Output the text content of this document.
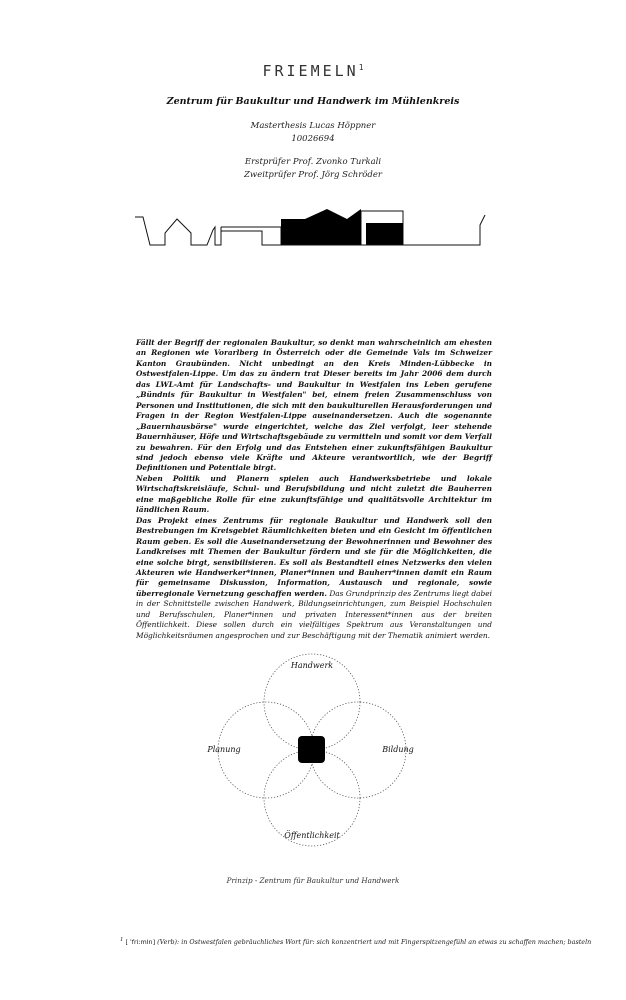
FRIEMELN$^1$
Zentrum für Baukultur und Handwerk im Mühlenkreis
Masterthesis Lucas Höppner
10026694
Erstprüfer Prof. Zvonko Turkali
Zweitprüfer Prof. Jörg Schröder

Fällt der Begriff der regionalen Baukultur, so denkt man wahrscheinlich am ehesten an Regionen wie Vorarlberg in Österreich oder die Gemeinde Vals im Schweizer Kanton Graubünden. Nicht unbedingt an den Kreis Minden-Lübbecke in Ostwestfalen-Lippe. Um das zu ändern trat Dieser bereits im Jahr 2006 dem durch das LWL-Amt für Landschafts- und Baukultur in Westfalen ins Leben gerufene „Bündnis für Baukultur in Westfalen" bei, einem freien Zusammenschluss von Personen und Institutionen, die sich mit den baukulturellen Herausforderungen und Fragen in der Region Westfalen-Lippe auseinandersetzen. Auch die sogenannte „Bauernhausbörse" wurde eingerichtet, welche das Ziel verfolgt, leer stehende Bauernhäuser, Höfe und Wirtschaftsgebäude zu vermitteln und somit vor dem Verfall zu bewahren. Für den Erfolg und das Entstehen einer zukunftsfähigen Baukultur sind jedoch ebenso viele Kräfte und Akteure verantwortlich, wie der Begriff Definitionen und Potentiale birgt.

Neben Politik und Planern spielen auch Handwerksbetriebe und lokale Wirtschaftskreisläufe, Schul- und Berufsbildung und nicht zuletzt die Bauherren eine maßgebliche Rolle für eine zukunftsfähige und qualitätsvolle Architektur im ländlichen Raum.

Das Projekt eines Zentrums für regionale Baukultur und Handwerk soll den Bestrebungen im Kreisgebiet Räumlichkeiten bieten und ein Gesicht im öffentlichen Raum geben. Es soll die Auseinandersetzung der Bewohnerinnen und Bewohner des Landkreises mit Themen der Baukultur fördern und sie für die Möglichkeiten, die eine solche birgt, sensibilisieren. Es soll als Bestandteil eines Netzwerks den vielen Akteuren wie Handwerker*innen, Planer*innen und Bauherr*innen damit ein Raum für gemeinsame Diskussion, Information, Austausch und regionale, sowie überregionale Vernetzung geschaffen werden. Das Grundprinzip des Zentrums liegt dabei in der Schnittstelle zwischen Handwerk, Bildungseinrichtungen, zum Beispiel Hochschulen und Berufsschulen, Planer*innen und privaten Interessent*innen aus der breiten Öffentlichkeit. Diese sollen durch ein vielfältiges Spektrum aus Veranstaltungen und Möglichkeitsräumen angesprochen und zur Beschäftigung mit der Thematik animiert werden.

Handwerk
Planung	Bildung
Öffentlichkeit
Prinzip - Zentrum für Baukultur und Handwerk
$^1$ [ ˈfriːmln] (Verb): in Ostwestfalen gebräuchliches Wort für: sich konzentriert und mit Fingerspitzengefühl an etwas zu schaffen machen; basteln
